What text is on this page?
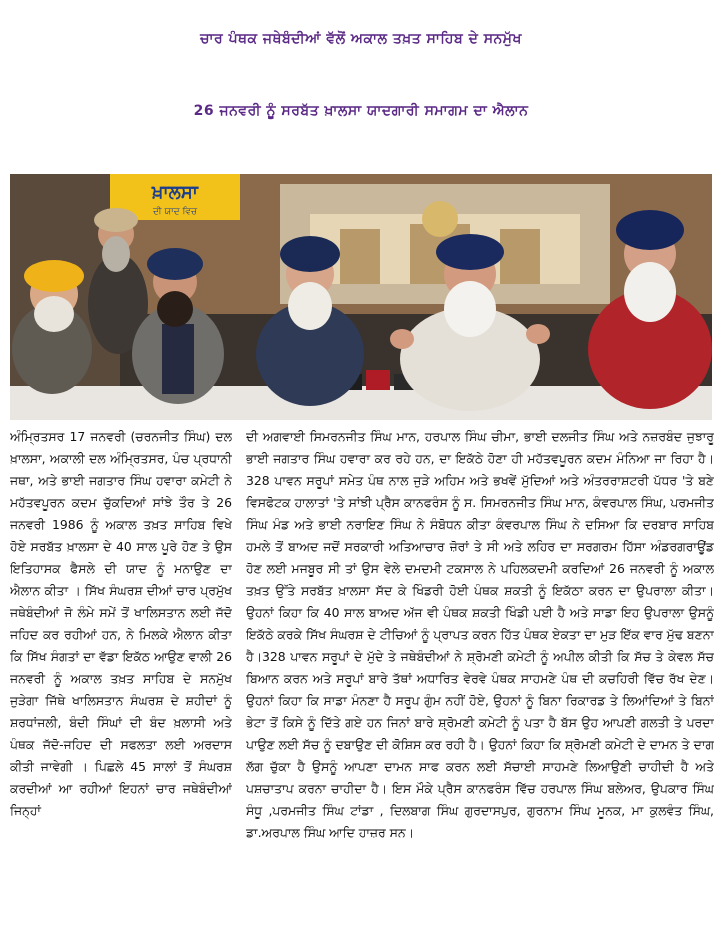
ਚਾਰ ਪੰਥਕ ਜਥੇਬੰਦੀਆਂ ਵੱਲੋਂ ਅਕਾਲ ਤਖ਼ਤ ਸਾਹਿਬ ਦੇ ਸਨਮੁੱਖ
26 ਜਨਵਰੀ ਨੂੰ ਸਰਬੱਤ ਖ਼ਾਲਸਾ ਯਾਦਗਾਰੀ ਸਮਾਗਮ ਦਾ ਐਲਾਨ
ਖ਼ਾਲਸਾ
ਦੀ ਯਾਦ ਵਿਚ

ਅੰਮ੍ਰਿਤਸਰ 17 ਜਨਵਰੀ (ਚਰਨਜੀਤ ਸਿੰਘ) ਦਲ ਖ਼ਾਲਸਾ, ਅਕਾਲੀ ਦਲ ਅੰਮ੍ਰਿਤਸਰ, ਪੰਚ ਪ੍ਰਧਾਨੀ ਜਥਾ, ਅਤੇ ਭਾਈ ਜਗਤਾਰ ਸਿੰਘ ਹਵਾਰਾ ਕਮੇਟੀ ਨੇ ਮਹੱਤਵਪੂਰਨ ਕਦਮ ਚੁੱਕਦਿਆਂ ਸਾਂਝੇ ਤੌਰ ਤੇ 26 ਜਨਵਰੀ 1986 ਨੂੰ ਅਕਾਲ ਤਖ਼ਤ ਸਾਹਿਬ ਵਿਖੇ ਹੋਏ ਸਰਬੱਤ ਖ਼ਾਲਸਾ ਦੇ 40 ਸਾਲ ਪੂਰੇ ਹੋਣ ਤੇ ਉਸ ਇਤਿਹਾਸਕ ਫੈਸਲੇ ਦੀ ਯਾਦ ਨੂੰ ਮਨਾਉਣ ਦਾ ਐਲਾਨ ਕੀਤਾ । ਸਿੱਖ ਸੰਘਰਸ਼ ਦੀਆਂ ਚਾਰ ਪ੍ਰਮੁੱਖ ਜਥੇਬੰਦੀਆਂ ਜੋ ਲੰਮੇ ਸਮੇਂ ਤੋਂ ਖਾਲਿਸਤਾਨ ਲਈ ਜੱਦੋ ਜਹਿਦ ਕਰ ਰਹੀਆਂ ਹਨ, ਨੇ ਮਿਲਕੇ ਐਲਾਨ ਕੀਤਾ ਕਿ ਸਿੱਖ ਸੰਗਤਾਂ ਦਾ ਵੱਡਾ ਇਕੱਠ ਆਉਣ ਵਾਲੀ 26 ਜਨਵਰੀ ਨੂੰ ਅਕਾਲ ਤਖ਼ਤ ਸਾਹਿਬ ਦੇ ਸਨਮੁੱਖ ਜੁੜੇਗਾ ਜਿੱਥੇ ਖਾਲਿਸਤਾਨ ਸੰਘਰਸ਼ ਦੇ ਸ਼ਹੀਦਾਂ ਨੂੰ ਸ਼ਰਧਾਂਜਲੀ, ਬੰਦੀ ਸਿੰਘਾਂ ਦੀ ਬੰਦ ਖ਼ਲਾਸੀ ਅਤੇ ਪੰਥਕ ਜੱਦੋ-ਜਹਿਦ ਦੀ ਸਫਲਤਾ ਲਈ ਅਰਦਾਸ ਕੀਤੀ ਜਾਵੇਗੀ । ਪਿਛਲੇ 45 ਸਾਲਾਂ ਤੋਂ ਸੰਘਰਸ਼ ਕਰਦੀਆਂ ਆ ਰਹੀਆਂ ਇਹਨਾਂ ਚਾਰ ਜਥੇਬੰਦੀਆਂ ਜਿਨ੍ਹਾਂ

ਦੀ ਅਗਵਾਈ ਸਿਮਰਨਜੀਤ ਸਿੰਘ ਮਾਨ, ਹਰਪਾਲ ਸਿੰਘ ਚੀਮਾ, ਭਾਈ ਦਲਜੀਤ ਸਿੰਘ ਅਤੇ ਨਜ਼ਰਬੰਦ ਜੁਝਾਰੂ ਭਾਈ ਜਗਤਾਰ ਸਿੰਘ ਹਵਾਰਾ ਕਰ ਰਹੇ ਹਨ, ਦਾ ਇਕੱਠੇ ਹੋਣਾ ਹੀ ਮਹੱਤਵਪੂਰਨ ਕਦਮ ਮੰਨਿਆ ਜਾ ਰਿਹਾ ਹੈ।328 ਪਾਵਨ ਸਰੂਪਾਂ ਸਮੇਤ ਪੰਥ ਨਾਲ ਜੁੜੇ ਅਹਿਮ ਅਤੇ ਭਖਵੇਂ ਮੁੱਦਿਆਂ ਅਤੇ ਅੰਤਰਰਾਸ਼ਟਰੀ ਪੱਧਰ 'ਤੇ ਬਣੇ ਵਿਸਫੋਟਕ ਹਾਲਾਤਾਂ 'ਤੇ ਸਾਂਝੀ ਪ੍ਰੈਸ ਕਾਨਫਰੰਸ ਨੂੰ ਸ. ਸਿਮਰਨਜੀਤ ਸਿੰਘ ਮਾਨ, ਕੰਵਰਪਾਲ ਸਿੰਘ, ਪਰਮਜੀਤ ਸਿੰਘ ਮੰਡ ਅਤੇ ਭਾਈ ਨਰਾਇਣ ਸਿੰਘ ਨੇ ਸੰਬੋਧਨ ਕੀਤਾ ਕੰਵਰਪਾਲ ਸਿੰਘ ਨੇ ਦਸਿਆ ਕਿ ਦਰਬਾਰ ਸਾਹਿਬ ਹਮਲੇ ਤੋਂ ਬਾਅਦ ਜਦੋਂ ਸਰਕਾਰੀ ਅਤਿਆਚਾਰ ਜ਼ੋਰਾਂ ਤੇ ਸੀ ਅਤੇ ਲਹਿਰ ਦਾ ਸਰਗਰਮ ਹਿੱਸਾ ਅੰਡਰਗਰਾਊਂਡ ਹੋਣ ਲਈ ਮਜਬੂਰ ਸੀ ਤਾਂ ਉਸ ਵੇਲੇ ਦਮਦਮੀ ਟਕਸਾਲ ਨੇ ਪਹਿਲਕਦਮੀ ਕਰਦਿਆਂ 26 ਜਨਵਰੀ ਨੂੰ ਅਕਾਲ ਤਖ਼ਤ ਉੱਤੇ ਸਰਬੱਤ ਖ਼ਾਲਸਾ ਸੱਦ ਕੇ ਖਿੰਡਰੀ ਹੋਈ ਪੰਥਕ ਸ਼ਕਤੀ ਨੂੰ ਇਕੱਠਾ ਕਰਨ ਦਾ ਉਪਰਾਲਾ ਕੀਤਾ। ਉਹਨਾਂ ਕਿਹਾ ਕਿ 40 ਸਾਲ ਬਾਅਦ ਅੱਜ ਵੀ ਪੰਥਕ ਸ਼ਕਤੀ ਖਿੰਡੀ ਪਈ ਹੈ ਅਤੇ ਸਾਡਾ ਇਹ ਉਪਰਾਲਾ ਉਸਨੂੰ ਇਕੱਠੇ ਕਰਕੇ ਸਿੱਖ ਸੰਘਰਸ਼ ਦੇ ਟੀਚਿਆਂ ਨੂੰ ਪ੍ਰਾਪਤ ਕਰਨ ਹਿੱਤ ਪੰਥਕ ਏਕਤਾ ਦਾ ਮੁੜ ਇੱਕ ਵਾਰ ਮੁੱਢ ਬਣਨਾ ਹੈ।328 ਪਾਵਨ ਸਰੂਪਾਂ ਦੇ ਮੁੱਦੇ ਤੇ ਜਥੇਬੰਦੀਆਂ ਨੇ ਸ਼੍ਰੋਮਣੀ ਕਮੇਟੀ ਨੂੰ ਅਪੀਲ ਕੀਤੀ ਕਿ ਸੱਚ ਤੇ ਕੇਵਲ ਸੱਚ ਬਿਆਨ ਕਰਨ ਅਤੇ ਸਰੂਪਾਂ ਬਾਰੇ ਤੱਥਾਂ ਅਧਾਰਿਤ ਵੇਰਵੇ ਪੰਥਕ ਸਾਹਮਣੇ ਪੰਥ ਦੀ ਕਚਹਿਰੀ ਵਿੱਚ ਰੱਖ ਦੇਣ। ਉਹਨਾਂ ਕਿਹਾ ਕਿ ਸਾਡਾ ਮੰਨਣਾ ਹੈ ਸਰੂਪ ਗੁੰਮ ਨਹੀਂ ਹੋਏ, ਉਹਨਾਂ ਨੂੰ ਬਿਨਾ ਰਿਕਾਰਡ ਤੇ ਲਿਆਂਦਿਆਂ ਤੇ ਬਿਨਾਂ ਭੇਟਾ ਤੋਂ ਕਿਸੇ ਨੂੰ ਦਿੱਤੇ ਗਏ ਹਨ ਜਿਨਾਂ ਬਾਰੇ ਸ਼੍ਰੋਮਣੀ ਕਮੇਟੀ ਨੂੰ ਪਤਾ ਹੈ ਬੱਸ ਉਹ ਆਪਣੀ ਗਲਤੀ ਤੇ ਪਰਦਾ ਪਾਉਣ ਲਈ ਸੱਚ ਨੂੰ ਦਬਾਉਣ ਦੀ ਕੋਸ਼ਿਸ ਕਰ ਰਹੀ ਹੈ। ਉਹਨਾਂ ਕਿਹਾ ਕਿ ਸ਼੍ਰੋਮਣੀ ਕਮੇਟੀ ਦੇ ਦਾਮਨ ਤੇ ਦਾਗ ਲੱਗ ਚੁੱਕਾ ਹੈ ਉਸਨੂੰ ਆਪਣਾ ਦਾਮਨ ਸਾਫ ਕਰਨ ਲਈ ਸੱਚਾਈ ਸਾਹਮਣੇ ਲਿਆਉਣੀ ਚਾਹੀਦੀ ਹੈ ਅਤੇ ਪਸ਼ਚਾਤਾਪ ਕਰਨਾ ਚਾਹੀਦਾ ਹੈ। ਇਸ ਮੌਕੇ ਪ੍ਰੈਸ ਕਾਨਫਰੰਸ ਵਿੱਚ ਹਰਪਾਲ ਸਿੰਘ ਬਲੇਅਰ, ਉਪਕਾਰ ਸਿੰਘ ਸੰਧੂ ,ਪਰਮਜੀਤ ਸਿੰਘ ਟਾਂਡਾ , ਦਿਲਬਾਗ ਸਿੰਘ ਗੁਰਦਾਸਪੁਰ, ਗੁਰਨਾਮ ਸਿੰਘ ਮੂਨਕ, ਮਾ ਕੁਲਵੰਤ ਸਿੰਘ, ਡਾ.ਅਰਪਾਲ ਸਿੰਘ ਆਦਿ ਹਾਜ਼ਰ ਸਨ।
